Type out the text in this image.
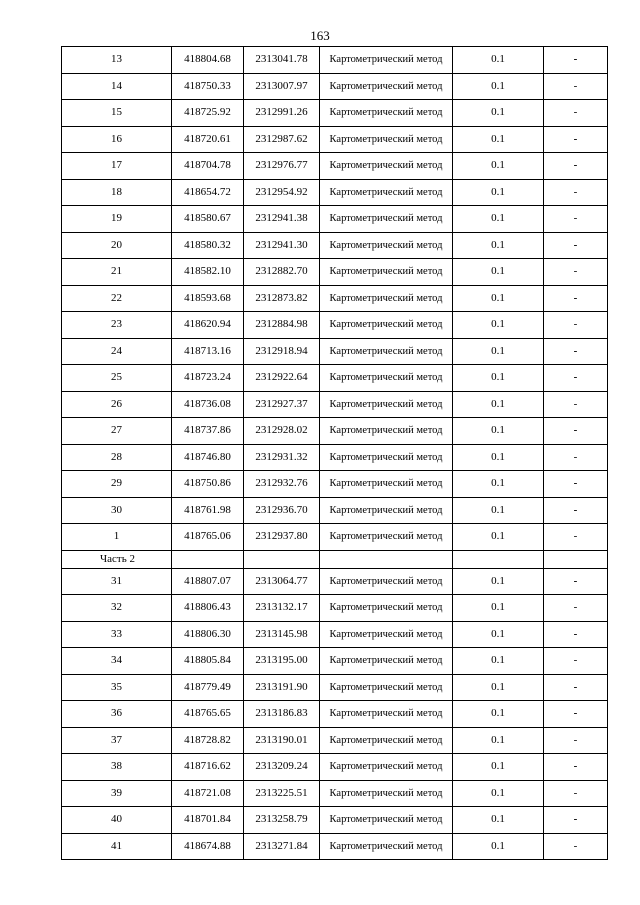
163
13	418804.68	2313041.78	Картометрический метод	0.1	-
14	418750.33	2313007.97	Картометрический метод	0.1	-
15	418725.92	2312991.26	Картометрический метод	0.1	-
16	418720.61	2312987.62	Картометрический метод	0.1	-
17	418704.78	2312976.77	Картометрический метод	0.1	-
18	418654.72	2312954.92	Картометрический метод	0.1	-
19	418580.67	2312941.38	Картометрический метод	0.1	-
20	418580.32	2312941.30	Картометрический метод	0.1	-
21	418582.10	2312882.70	Картометрический метод	0.1	-
22	418593.68	2312873.82	Картометрический метод	0.1	-
23	418620.94	2312884.98	Картометрический метод	0.1	-
24	418713.16	2312918.94	Картометрический метод	0.1	-
25	418723.24	2312922.64	Картометрический метод	0.1	-
26	418736.08	2312927.37	Картометрический метод	0.1	-
27	418737.86	2312928.02	Картометрический метод	0.1	-
28	418746.80	2312931.32	Картометрический метод	0.1	-
29	418750.86	2312932.76	Картометрический метод	0.1	-
30	418761.98	2312936.70	Картометрический метод	0.1	-
1	418765.06	2312937.80	Картометрический метод	0.1	-
Часть 2					
31	418807.07	2313064.77	Картометрический метод	0.1	-
32	418806.43	2313132.17	Картометрический метод	0.1	-
33	418806.30	2313145.98	Картометрический метод	0.1	-
34	418805.84	2313195.00	Картометрический метод	0.1	-
35	418779.49	2313191.90	Картометрический метод	0.1	-
36	418765.65	2313186.83	Картометрический метод	0.1	-
37	418728.82	2313190.01	Картометрический метод	0.1	-
38	418716.62	2313209.24	Картометрический метод	0.1	-
39	418721.08	2313225.51	Картометрический метод	0.1	-
40	418701.84	2313258.79	Картометрический метод	0.1	-
41	418674.88	2313271.84	Картометрический метод	0.1	-
